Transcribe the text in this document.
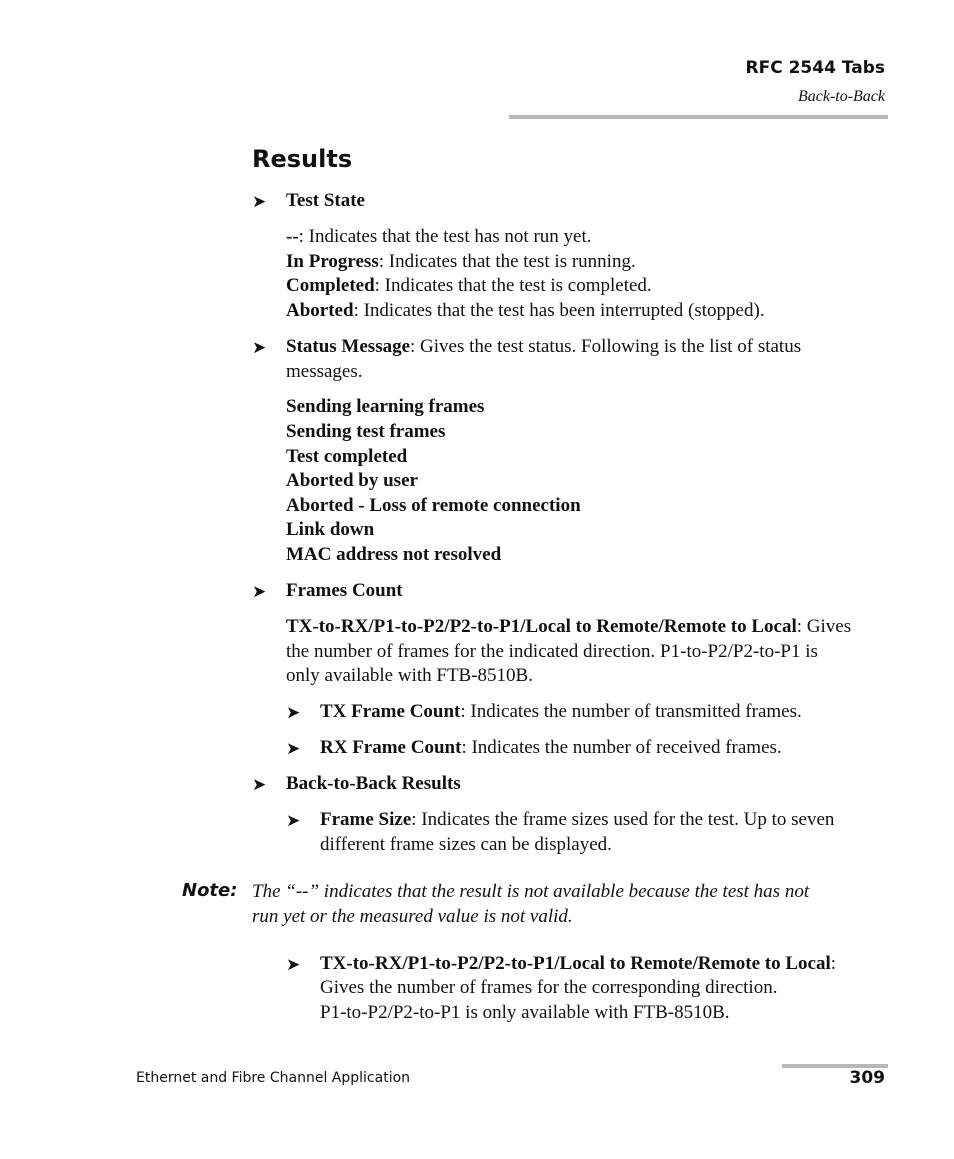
RFC 2544 Tabs
Back-to-Back
Results
➤ Test State
--: Indicates that the test has not run yet.
In Progress: Indicates that the test is running.
Completed: Indicates that the test is completed.
Aborted: Indicates that the test has been interrupted (stopped).
➤ Status Message: Gives the test status. Following is the list of status
messages.
Sending learning frames
Sending test frames
Test completed
Aborted by user
Aborted - Loss of remote connection
Link down
MAC address not resolved
➤ Frames Count
TX-to-RX/P1-to-P2/P2-to-P1/Local to Remote/Remote to Local: Gives
the number of frames for the indicated direction. P1-to-P2/P2-to-P1 is
only available with FTB-8510B.
➤ TX Frame Count: Indicates the number of transmitted frames.
➤ RX Frame Count: Indicates the number of received frames.
➤ Back-to-Back Results
➤ Frame Size: Indicates the frame sizes used for the test. Up to seven
different frame sizes can be displayed.
Note: The “--” indicates that the result is not available because the test has not
run yet or the measured value is not valid.
➤ TX-to-RX/P1-to-P2/P2-to-P1/Local to Remote/Remote to Local:
Gives the number of frames for the corresponding direction.
P1-to-P2/P2-to-P1 is only available with FTB-8510B.
Ethernet and Fibre Channel Application	309
